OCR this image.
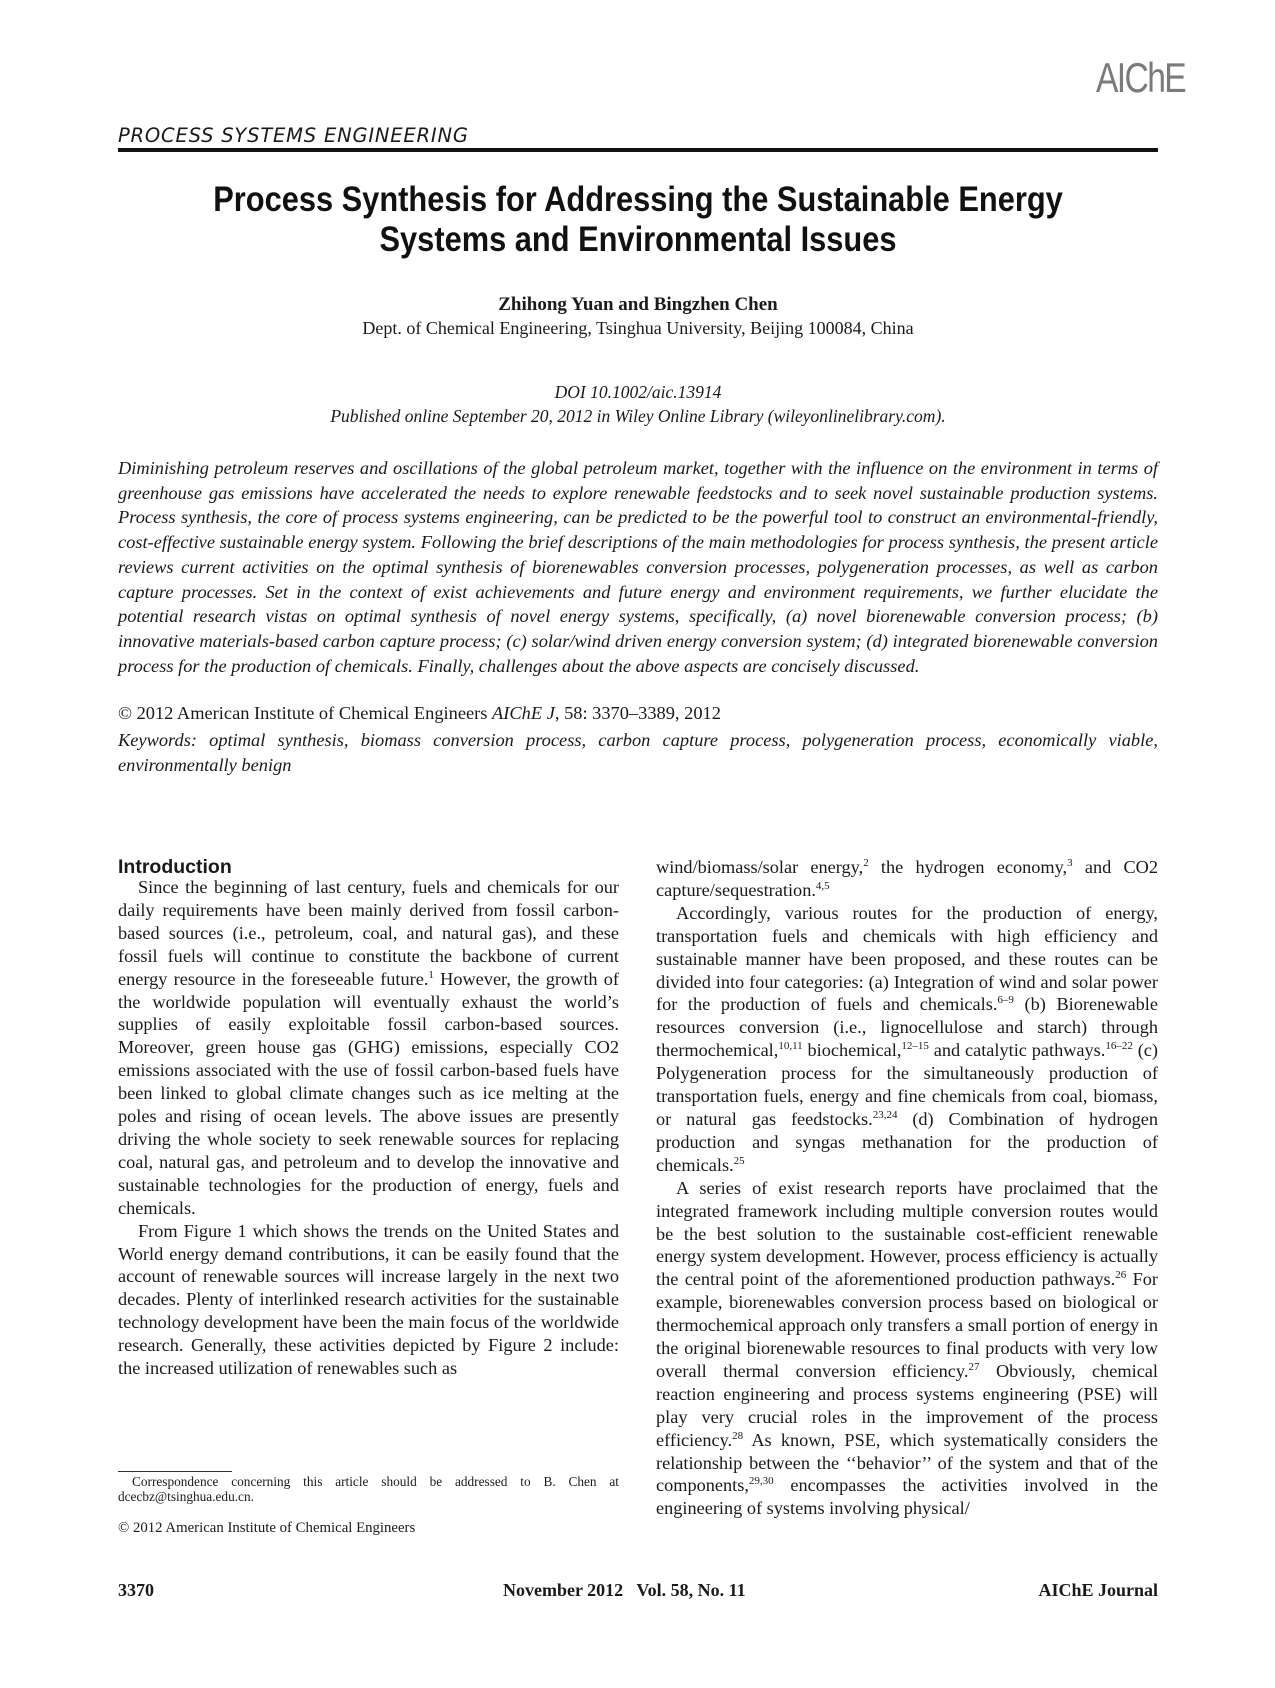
AIChE
PROCESS SYSTEMS ENGINEERING
Process Synthesis for Addressing the Sustainable Energy
Systems and Environmental Issues
Zhihong Yuan and Bingzhen Chen
Dept. of Chemical Engineering, Tsinghua University, Beijing 100084, China
DOI 10.1002/aic.13914
Published online September 20, 2012 in Wiley Online Library (wileyonlinelibrary.com).
Diminishing petroleum reserves and oscillations of the global petroleum market, together with the influence on the environment in terms of greenhouse gas emissions have accelerated the needs to explore renewable feedstocks and to seek novel sustainable production systems. Process synthesis, the core of process systems engineering, can be predicted to be the powerful tool to construct an environmental-friendly, cost-effective sustainable energy system. Following the brief descriptions of the main methodologies for process synthesis, the present article reviews current activities on the optimal synthesis of biorenewables conversion processes, polygeneration processes, as well as carbon capture processes. Set in the context of exist achievements and future energy and environment requirements, we further elucidate the potential research vistas on optimal synthesis of novel energy systems, specifically, (a) novel biorenewable conversion process; (b) innovative materials-based carbon capture process; (c) solar/wind driven energy conversion system; (d) integrated biorenewable conversion process for the production of chemicals. Finally, challenges about the above aspects are concisely discussed.
© 2012 American Institute of Chemical Engineers AIChE J, 58: 3370–3389, 2012
Keywords: optimal synthesis, biomass conversion process, carbon capture process, polygeneration process, economically viable, environmentally benign
Introduction

Since the beginning of last century, fuels and chemicals for our daily requirements have been mainly derived from fossil carbon-based sources (i.e., petroleum, coal, and natural gas), and these fossil fuels will continue to constitute the backbone of current energy resource in the foreseeable future.$^1$ However, the growth of the worldwide population will eventually exhaust the world’s supplies of easily exploitable fossil carbon-based sources. Moreover, green house gas (GHG) emissions, especially CO2 emissions associated with the use of fossil carbon-based fuels have been linked to global climate changes such as ice melting at the poles and rising of ocean levels. The above issues are presently driving the whole society to seek renewable sources for replacing coal, natural gas, and petroleum and to develop the innovative and sustainable technologies for the production of energy, fuels and chemicals.

From Figure 1 which shows the trends on the United States and World energy demand contributions, it can be easily found that the account of renewable sources will increase largely in the next two decades. Plenty of interlinked research activities for the sustainable technology development have been the main focus of the worldwide research. Generally, these activities depicted by Figure 2 include: the increased utilization of renewables such as

wind/biomass/solar energy,$^2$ the hydrogen economy,$^3$ and CO2 capture/sequestration.$^{4,5}$

Accordingly, various routes for the production of energy, transportation fuels and chemicals with high efficiency and sustainable manner have been proposed, and these routes can be divided into four categories: (a) Integration of wind and solar power for the production of fuels and chemicals.$^{6-9}$ (b) Biorenewable resources conversion (i.e., lignocellulose and starch) through thermochemical,$^{10,11}$ biochemical,$^{12-15}$ and catalytic pathways.$^{16-22}$ (c) Polygeneration process for the simultaneously production of transportation fuels, energy and fine chemicals from coal, biomass, or natural gas feedstocks.$^{23,24}$ (d) Combination of hydrogen production and syngas methanation for the production of chemicals.$^{25}$

A series of exist research reports have proclaimed that the integrated framework including multiple conversion routes would be the best solution to the sustainable cost-efficient renewable energy system development. However, process efficiency is actually the central point of the aforementioned production pathways.$^{26}$ For example, biorenewables conversion process based on biological or thermochemical approach only transfers a small portion of energy in the original biorenewable resources to final products with very low overall thermal conversion efficiency.$^{27}$ Obviously, chemical reaction engineering and process systems engineering (PSE) will play very crucial roles in the improvement of the process efficiency.$^{28}$ As known, PSE, which systematically considers the relationship between the ‘‘behavior’’ of the system and that of the components,$^{29,30}$ encompasses the activities involved in the engineering of systems involving physical/

Correspondence concerning this article should be addressed to B. Chen at dcecbz@tsinghua.edu.cn.
© 2012 American Institute of Chemical Engineers
3370	November 2012   Vol. 58, No. 11	AIChE Journal
